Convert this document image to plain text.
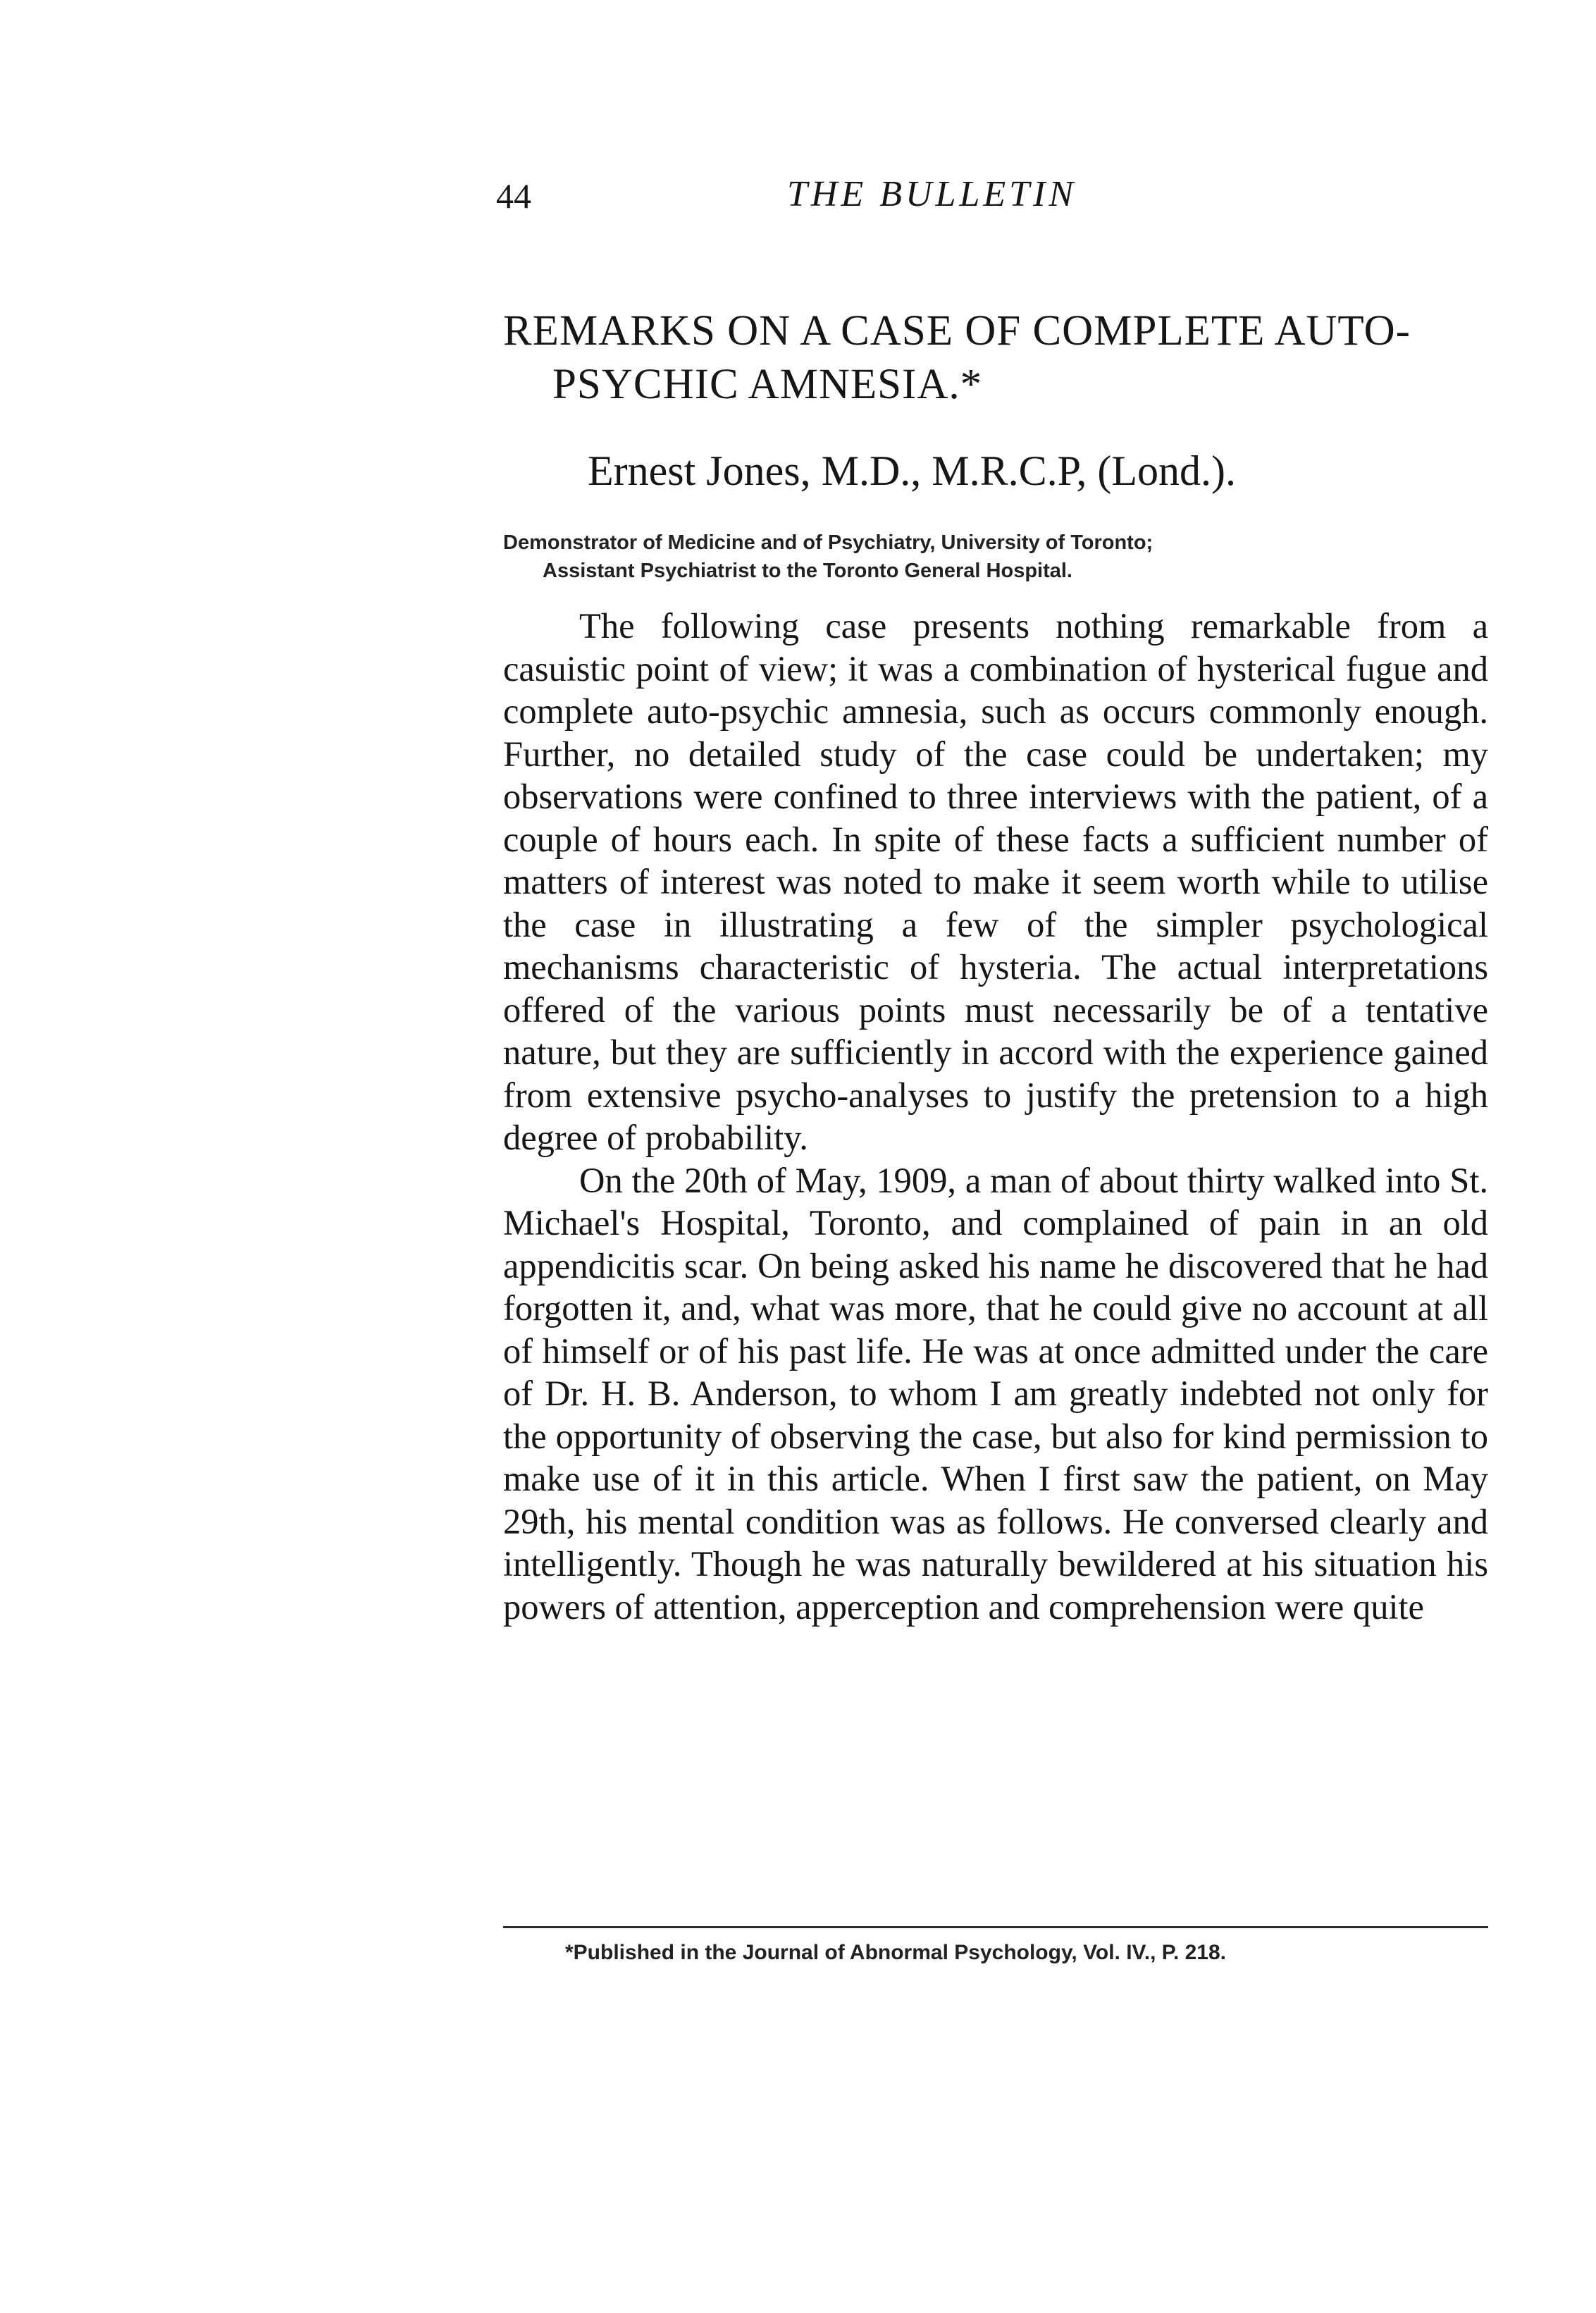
44	THE BULLETIN
REMARKS ON A CASE OF COMPLETE AUTO-
PSYCHIC AMNESIA.*
Ernest Jones, M.D., M.R.C.P, (Lond.).
Demonstrator of Medicine and of Psychiatry, University of Toronto;
Assistant Psychiatrist to the Toronto General Hospital.

The following case presents nothing remarkable from a casuistic point of view; it was a combination of hysterical fugue and complete auto-psychic amnesia, such as occurs commonly enough. Further, no detailed study of the case could be undertaken; my observations were confined to three interviews with the patient, of a couple of hours each. In spite of these facts a sufficient number of matters of interest was noted to make it seem worth while to utilise the case in illustrating a few of the simpler psychological mechanisms characteristic of hysteria. The actual interpretations offered of the various points must necessarily be of a tentative nature, but they are sufficiently in accord with the experience gained from extensive psycho-analyses to justify the pretension to a high degree of probability.

On the 20th of May, 1909, a man of about thirty walked into St. Michael's Hospital, Toronto, and complained of pain in an old appendicitis scar. On being asked his name he discovered that he had forgotten it, and, what was more, that he could give no account at all of himself or of his past life. He was at once admitted under the care of Dr. H. B. Anderson, to whom I am greatly indebted not only for the opportunity of observing the case, but also for kind permission to make use of it in this article. When I first saw the patient, on May 29th, his mental condition was as follows. He conversed clearly and intelligently. Though he was naturally bewildered at his situation his powers of attention, apperception and comprehension were quite

*Published in the Journal of Abnormal Psychology, Vol. IV., P. 218.
